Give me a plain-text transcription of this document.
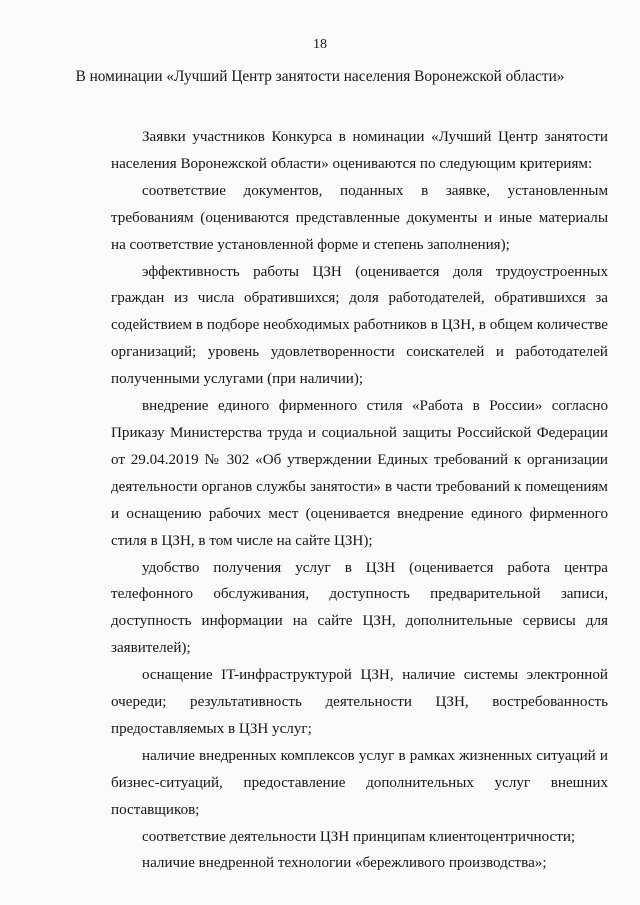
18
В номинации «Лучший Центр занятости населения Воронежской области»

Заявки участников Конкурса в номинации «Лучший Центр занятости населения Воронежской области» оцениваются по следующим критериям:

соответствие документов, поданных в заявке, установленным требованиям (оцениваются представленные документы и иные материалы на соответствие установленной форме и степень заполнения);

эффективность работы ЦЗН (оценивается доля трудоустроенных граждан из числа обратившихся; доля работодателей, обратившихся за содействием в подборе необходимых работников в ЦЗН, в общем количестве организаций; уровень удовлетворенности соискателей и работодателей полученными услугами (при наличии);

внедрение единого фирменного стиля «Работа в России» согласно Приказу Министерства труда и социальной защиты Российской Федерации от 29.04.2019 № 302 «Об утверждении Единых требований к организации деятельности органов службы занятости» в части требований к помещениям и оснащению рабочих мест (оценивается внедрение единого фирменного стиля в ЦЗН, в том числе на сайте ЦЗН);

удобство получения услуг в ЦЗН (оценивается работа центра телефонного обслуживания, доступность предварительной записи, доступность информации на сайте ЦЗН, дополнительные сервисы для заявителей);

оснащение IT-инфраструктурой ЦЗН, наличие системы электронной очереди; результативность деятельности ЦЗН, востребованность предоставляемых в ЦЗН услуг;

наличие внедренных комплексов услуг в рамках жизненных ситуаций и бизнес-ситуаций, предоставление дополнительных услуг внешних поставщиков;

соответствие деятельности ЦЗН принципам клиентоцентричности;

наличие внедренной технологии «бережливого производства»;
